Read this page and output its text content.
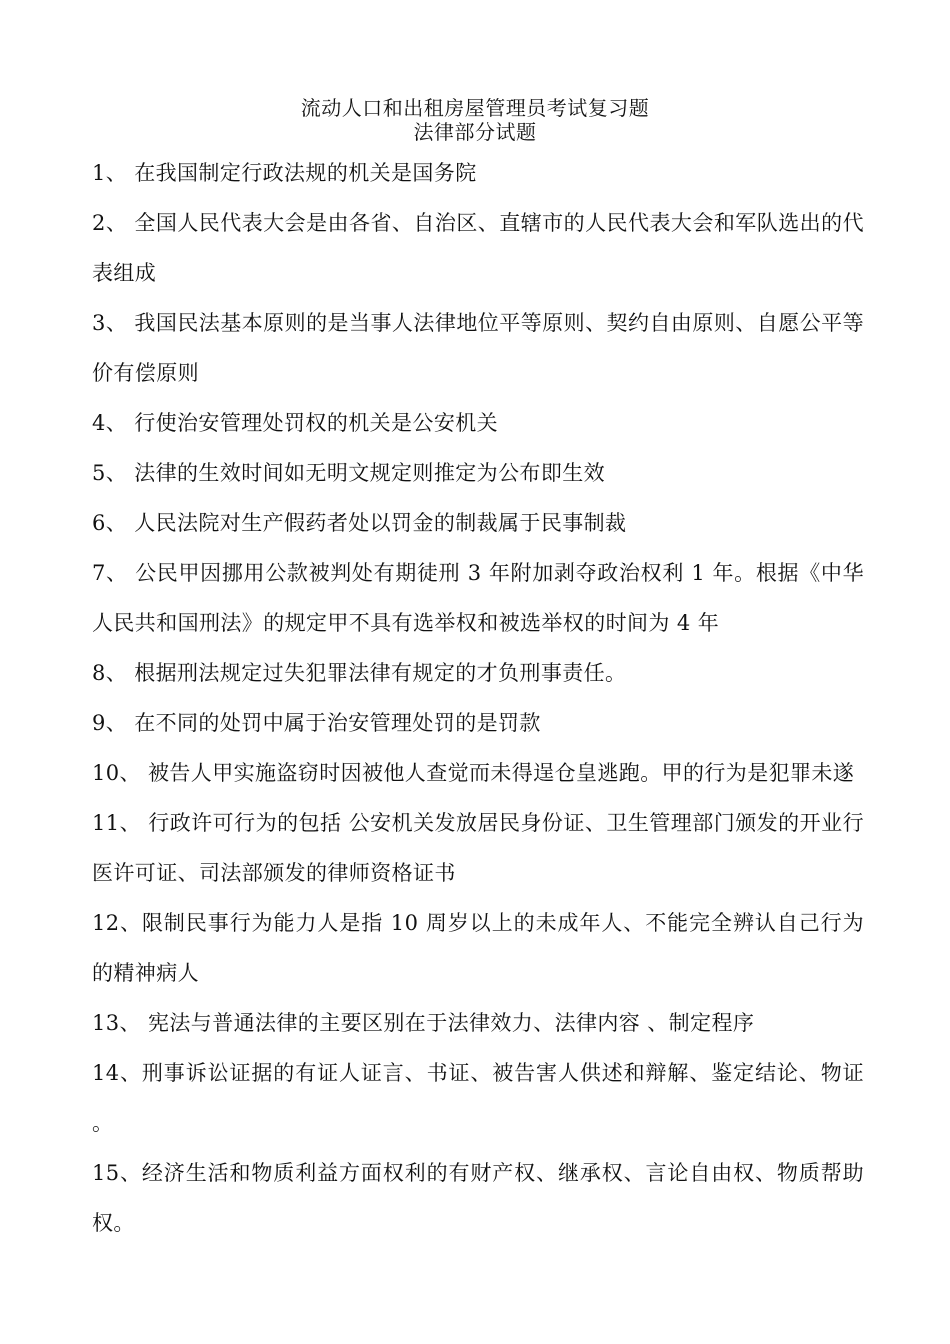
流动人口和出租房屋管理员考试复习题
法律部分试题

1、 在我国制定行政法规的机关是国务院

2、 全国人民代表大会是由各省、自治区、直辖市的人民代表大会和军队选出的代表组成

3、 我国民法基本原则的是当事人法律地位平等原则、契约自由原则、自愿公平等价有偿原则

4、 行使治安管理处罚权的机关是公安机关

5、 法律的生效时间如无明文规定则推定为公布即生效

6、 人民法院对生产假药者处以罚金的制裁属于民事制裁

7、 公民甲因挪用公款被判处有期徒刑 3 年附加剥夺政治权利 1 年。根据《中华人民共和国刑法》的规定甲不具有选举权和被选举权的时间为 4 年

8、 根据刑法规定过失犯罪法律有规定的才负刑事责任。

9、 在不同的处罚中属于治安管理处罚的是罚款

10、 被告人甲实施盗窃时因被他人查觉而未得逞仓皇逃跑。甲的行为是犯罪未遂

11、 行政许可行为的包括 公安机关发放居民身份证、卫生管理部门颁发的开业行医许可证、司法部颁发的律师资格证书

12、限制民事行为能力人是指 10 周岁以上的未成年人、不能完全辨认自己行为的精神病人

13、 宪法与普通法律的主要区别在于法律效力、法律内容 、制定程序

14、刑事诉讼证据的有证人证言、书证、被告害人供述和辩解、鉴定结论、物证 。

15、经济生活和物质利益方面权利的有财产权、继承权、言论自由权、物质帮助权。
